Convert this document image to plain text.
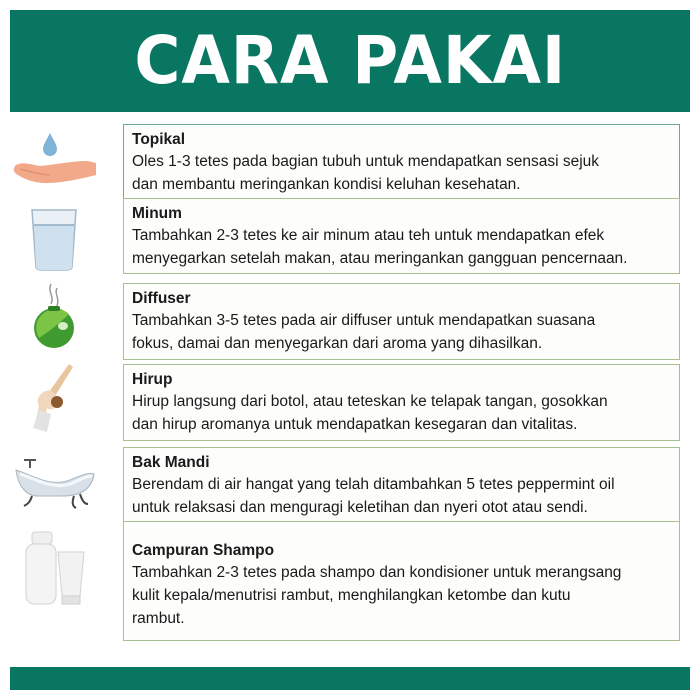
CARA PAKAI
Topikal
Oles 1-3 tetes pada bagian tubuh untuk mendapatkan sensasi sejuk
dan membantu meringankan kondisi keluhan kesehatan.
Minum
Tambahkan 2-3 tetes ke air minum atau teh untuk mendapatkan efek
menyegarkan setelah makan, atau meringankan gangguan pencernaan.
Diffuser
Tambahkan 3-5 tetes pada air diffuser untuk mendapatkan suasana
fokus, damai dan menyegarkan dari aroma yang dihasilkan.
Hirup
Hirup langsung dari botol, atau teteskan ke telapak tangan, gosokkan
dan hirup aromanya untuk mendapatkan kesegaran dan vitalitas.
Bak Mandi
Berendam di air hangat yang telah ditambahkan 5 tetes peppermint oil
untuk relaksasi dan menguragi keletihan dan nyeri otot atau sendi.
Campuran Shampo
Tambahkan 2-3 tetes pada shampo dan kondisioner untuk merangsang
kulit kepala/menutrisi rambut, menghilangkan ketombe dan kutu
rambut.
